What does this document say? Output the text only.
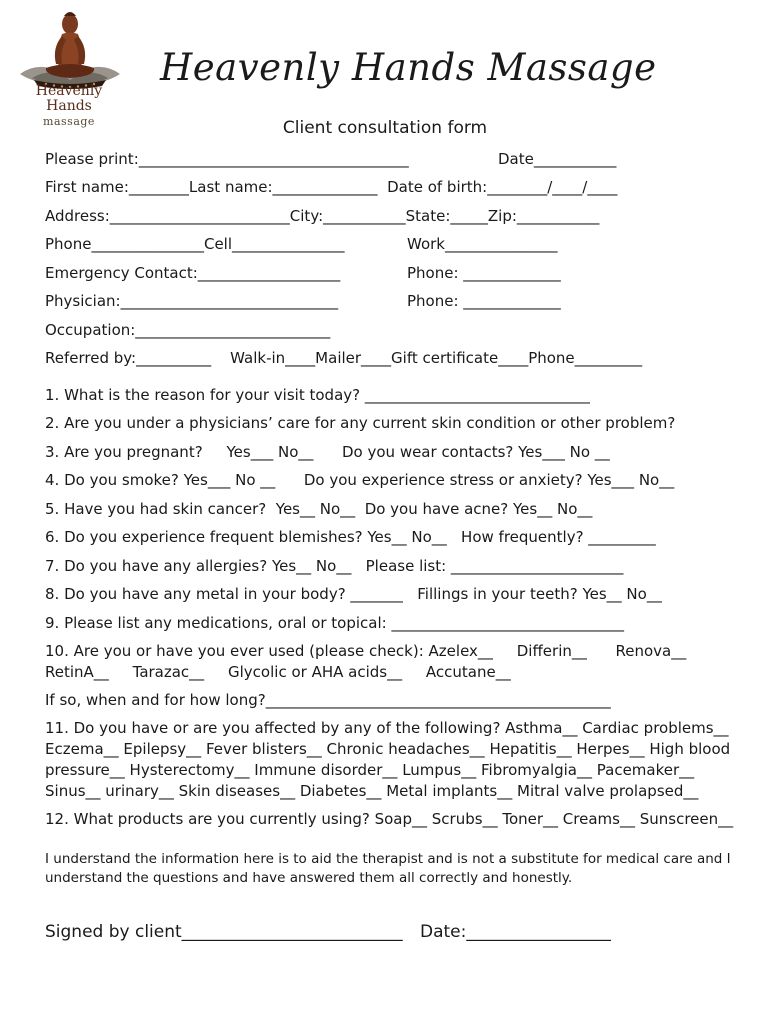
Heavenly Hands
massage
Heavenly Hands Massage
Client consultation form
Please print:____________________________________	Date___________
First name:________Last name:______________  Date of birth:________/____/____
Address:________________________City:___________State:_____Zip:___________
Phone_______________Cell_______________	Work_______________
Emergency Contact:___________________	Phone: _____________
Physician:_____________________________	Phone: _____________
Occupation:__________________________
Referred by:__________    Walk-in____Mailer____Gift certificate____Phone_________
1. What is the reason for your visit today? ______________________________
2. Are you under a physicians’ care for any current skin condition or other problem?
3. Are you pregnant?     Yes___ No__      Do you wear contacts? Yes___ No __
4. Do you smoke? Yes___ No __      Do you experience stress or anxiety? Yes___ No__
5. Have you had skin cancer?  Yes__ No__  Do you have acne? Yes__ No__
6. Do you experience frequent blemishes? Yes__ No__   How frequently? _________
7. Do you have any allergies? Yes__ No__   Please list: _______________________
8. Do you have any metal in your body? _______   Fillings in your teeth? Yes__ No__
9. Please list any medications, oral or topical: _______________________________
10. Are you or have you ever used (please check): Azelex__     Differin__      Renova__
RetinA__     Tarazac__     Glycolic or AHA acids__     Accutane__
If so, when and for how long?______________________________________________
11. Do you have or are you affected by any of the following? Asthma__ Cardiac problems__ Eczema__ Epilepsy__ Fever blisters__ Chronic headaches__ Hepatitis__ Herpes__ High blood pressure__ Hysterectomy__ Immune disorder__ Lumpus__ Fibromyalgia__ Pacemaker__ Sinus__ urinary__ Skin diseases__ Diabetes__ Metal implants__ Mitral valve prolapsed__
12. What products are you currently using? Soap__ Scrubs__ Toner__ Creams__ Sunscreen__
I understand the information here is to aid the therapist and is not a substitute for medical care and I understand the questions and have answered them all correctly and honestly.
Signed by client__________________________ Date:_________________
